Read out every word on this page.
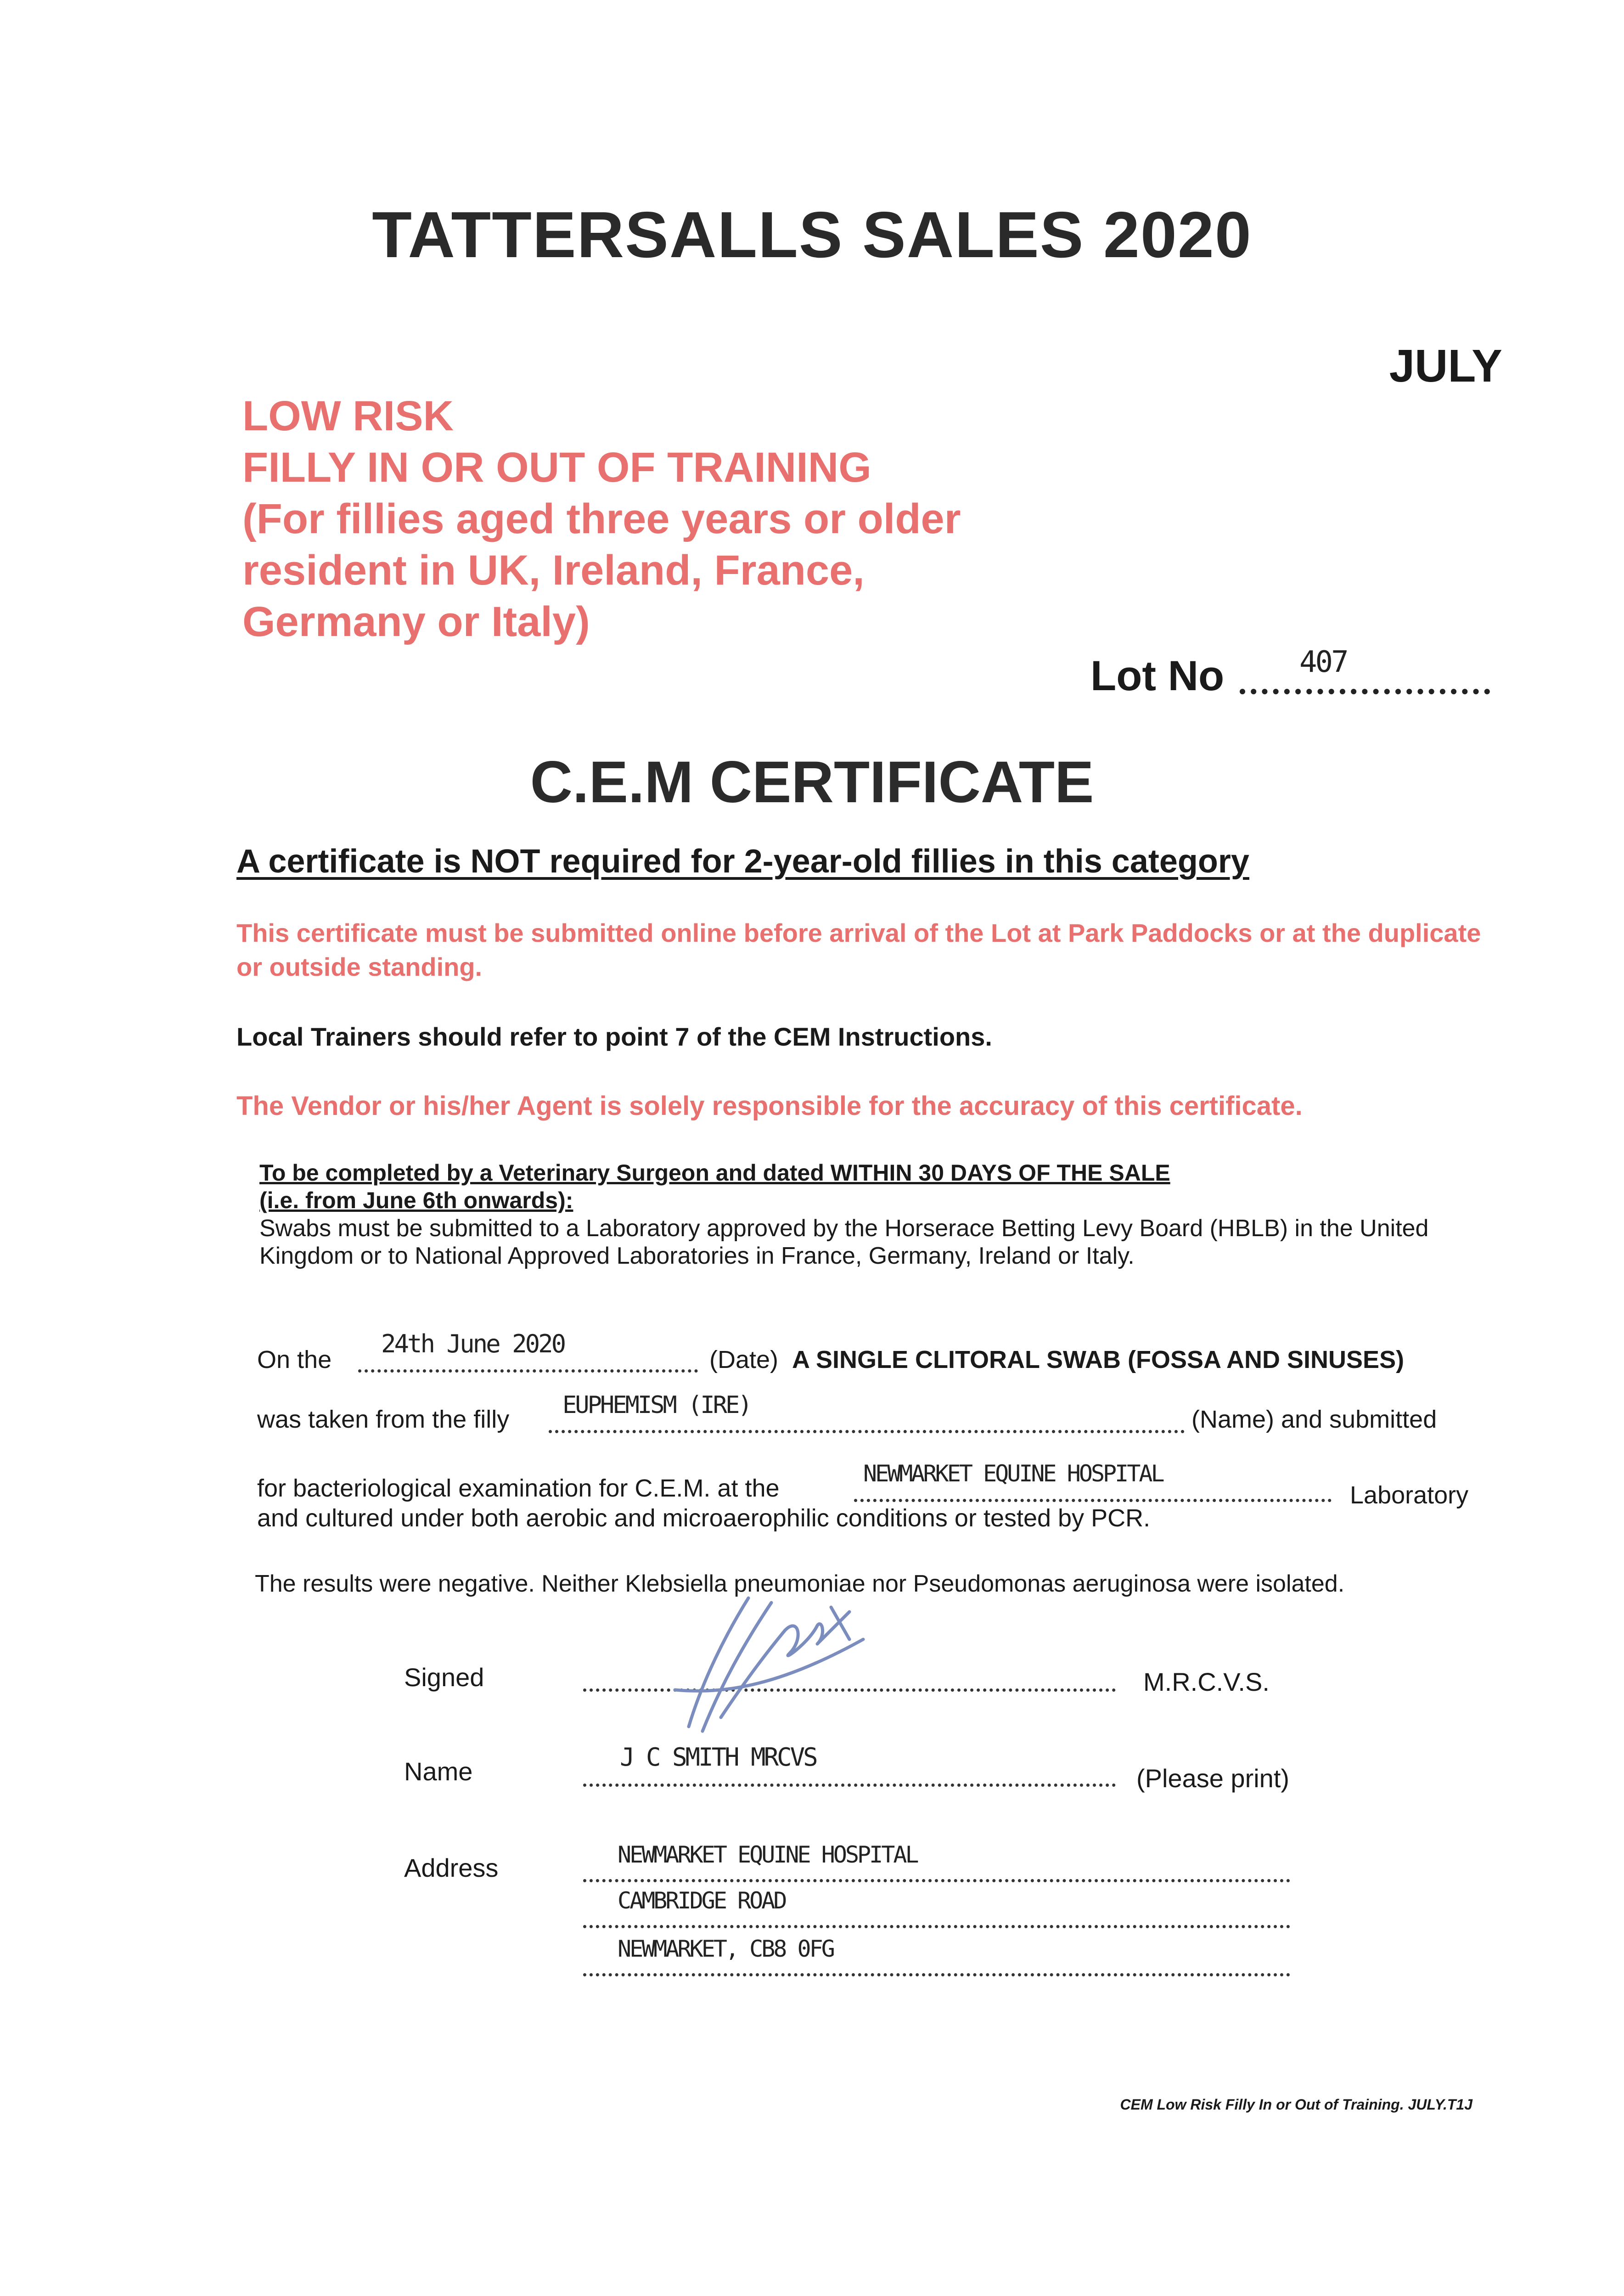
TATTERSALLS SALES 2020
JULY
LOW RISK
FILLY IN OR OUT OF TRAINING
(For fillies aged three years or older
resident in UK, Ireland, France,
Germany or Italy)
Lot No	407
C.E.M CERTIFICATE
A certificate is NOT required for 2-year-old fillies in this category
This certificate must be submitted online before arrival of the Lot at Park Paddocks or at the duplicate or outside standing.
Local Trainers should refer to point 7 of the CEM Instructions.
The Vendor or his/her Agent is solely responsible for the accuracy of this certificate.
To be completed by a Veterinary Surgeon and dated WITHIN 30 DAYS OF THE SALE
(i.e. from June 6th onwards):
Swabs must be submitted to a Laboratory approved by the Horserace Betting Levy Board (HBLB) in the United Kingdom or to National Approved Laboratories in France, Germany, Ireland or Italy.
On the
24th June 2020
(Date) A SINGLE CLITORAL SWAB (FOSSA AND SINUSES)
was taken from the filly
EUPHEMISM (IRE)
(Name) and submitted
for bacteriological examination for C.E.M. at the
NEWMARKET EQUINE HOSPITAL
Laboratory
and cultured under both aerobic and microaerophilic conditions or tested by PCR.
The results were negative. Neither Klebsiella pneumoniae nor Pseudomonas aeruginosa were isolated.
Signed	M.R.C.V.S.
Name	J C SMITH MRCVS
(Please print)
Address	NEWMARKET EQUINE HOSPITAL
CAMBRIDGE ROAD
NEWMARKET, CB8 0FG
CEM Low Risk Filly In or Out of Training. JULY.T1J
